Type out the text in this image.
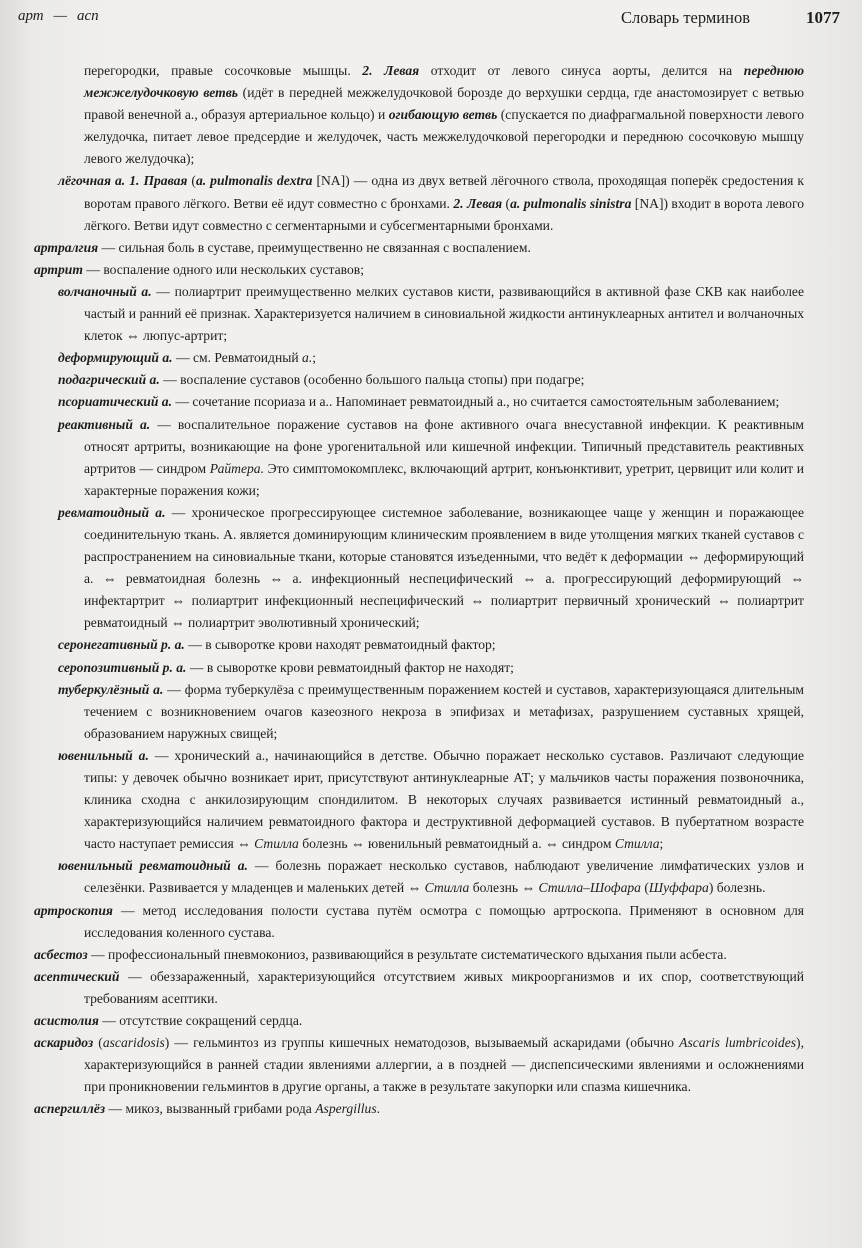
арт — асп	Словарь терминов	1077

перегородки, правые сосочковые мышцы. 2. Левая отходит от левого синуса аорты, делится на переднюю межжелудочковую ветвь (идёт в передней межжелудочковой борозде до верхушки сердца, где анастомозирует с ветвью правой венечной а., образуя артериальное кольцо) и огибающую ветвь (спускается по диафрагмальной поверхности левого желудочка, питает левое предсердие и желудочек, часть межжелудочковой перегородки и переднюю сосочковую мышцу левого желудочка);

лёгочная а. 1. Правая (a. pulmonalis dextra [NA]) — одна из двух ветвей лёгочного ствола, проходящая поперёк средостения к воротам правого лёгкого. Ветви её идут совместно с бронхами. 2. Левая (a. pulmonalis sinistra [NA]) входит в ворота левого лёгкого. Ветви идут совместно с сегментарными и субсегментарными бронхами.

артралгия — сильная боль в суставе, преимущественно не связанная с воспалением.

артрит — воспаление одного или нескольких суставов;

волчаночный а. — полиартрит преимущественно мелких суставов кисти, развивающийся в активной фазе СКВ как наиболее частый и ранний её признак. Характеризуется наличием в синовиальной жидкости антинуклеарных антител и волчаночных клеток ⇔ люпус-артрит;

деформирующий а. — см. Ревматоидный а.;

подагрический а. — воспаление суставов (особенно большого пальца стопы) при подагре;

псориатический а. — сочетание псориаза и а.. Напоминает ревматоидный а., но считается самостоятельным заболеванием;

реактивный а. — воспалительное поражение суставов на фоне активного очага внесуставной инфекции. К реактивным относят артриты, возникающие на фоне урогенитальной или кишечной инфекции. Типичный представитель реактивных артритов — синдром Райтера. Это симптомокомплекс, включающий артрит, конъюнктивит, уретрит, цервицит или колит и характерные поражения кожи;

ревматоидный а. — хроническое прогрессирующее системное заболевание, возникающее чаще у женщин и поражающее соединительную ткань. А. является доминирующим клиническим проявлением в виде утолщения мягких тканей суставов с распространением на синовиальные ткани, которые становятся изъеденными, что ведёт к деформации ⇔ деформирующий а. ⇔ ревматоидная болезнь ⇔ а. инфекционный неспецифический ⇔ а. прогрессирующий деформирующий ⇔ инфектартрит ⇔ полиартрит инфекционный неспецифический ⇔ полиартрит первичный хронический ⇔ полиартрит ревматоидный ⇔ полиартрит эволютивный хронический;

серонегативный р. а. — в сыворотке крови находят ревматоидный фактор;

серопозитивный р. а. — в сыворотке крови ревматоидный фактор не находят;

туберкулёзный а. — форма туберкулёза с преимущественным поражением костей и суставов, характеризующаяся длительным течением с возникновением очагов казеозного некроза в эпифизах и метафизах, разрушением суставных хрящей, образованием наружных свищей;

ювенильный а. — хронический а., начинающийся в детстве. Обычно поражает несколько суставов. Различают следующие типы: у девочек обычно возникает ирит, присутствуют антинуклеарные АТ; у мальчиков часты поражения позвоночника, клиника сходна с анкилозирующим спондилитом. В некоторых случаях развивается истинный ревматоидный а., характеризующийся наличием ревматоидного фактора и деструктивной деформацией суставов. В пубертатном возрасте часто наступает ремиссия ⇔ Стилла болезнь ⇔ ювенильный ревматоидный а. ⇔ синдром Стилла;

ювенильный ревматоидный а. — болезнь поражает несколько суставов, наблюдают увеличение лимфатических узлов и селезёнки. Развивается у младенцев и маленьких детей ⇔ Стилла болезнь ⇔ Стилла–Шофара (Шуффара) болезнь.

артроскопия — метод исследования полости сустава путём осмотра с помощью артроскопа. Применяют в основном для исследования коленного сустава.

асбестоз — профессиональный пневмокониоз, развивающийся в результате систематического вдыхания пыли асбеста.

асептический — обеззараженный, характеризующийся отсутствием живых микроорганизмов и их спор, соответствующий требованиям асептики.

асистолия — отсутствие сокращений сердца.

аскаридоз (ascaridosis) — гельминтоз из группы кишечных нематодозов, вызываемый аскаридами (обычно Ascaris lumbricoides), характеризующийся в ранней стадии явлениями аллергии, а в поздней — диспепсическими явлениями и осложнениями при проникновении гельминтов в другие органы, а также в результате закупорки или спазма кишечника.

аспергиллёз — микоз, вызванный грибами рода Aspergillus.
